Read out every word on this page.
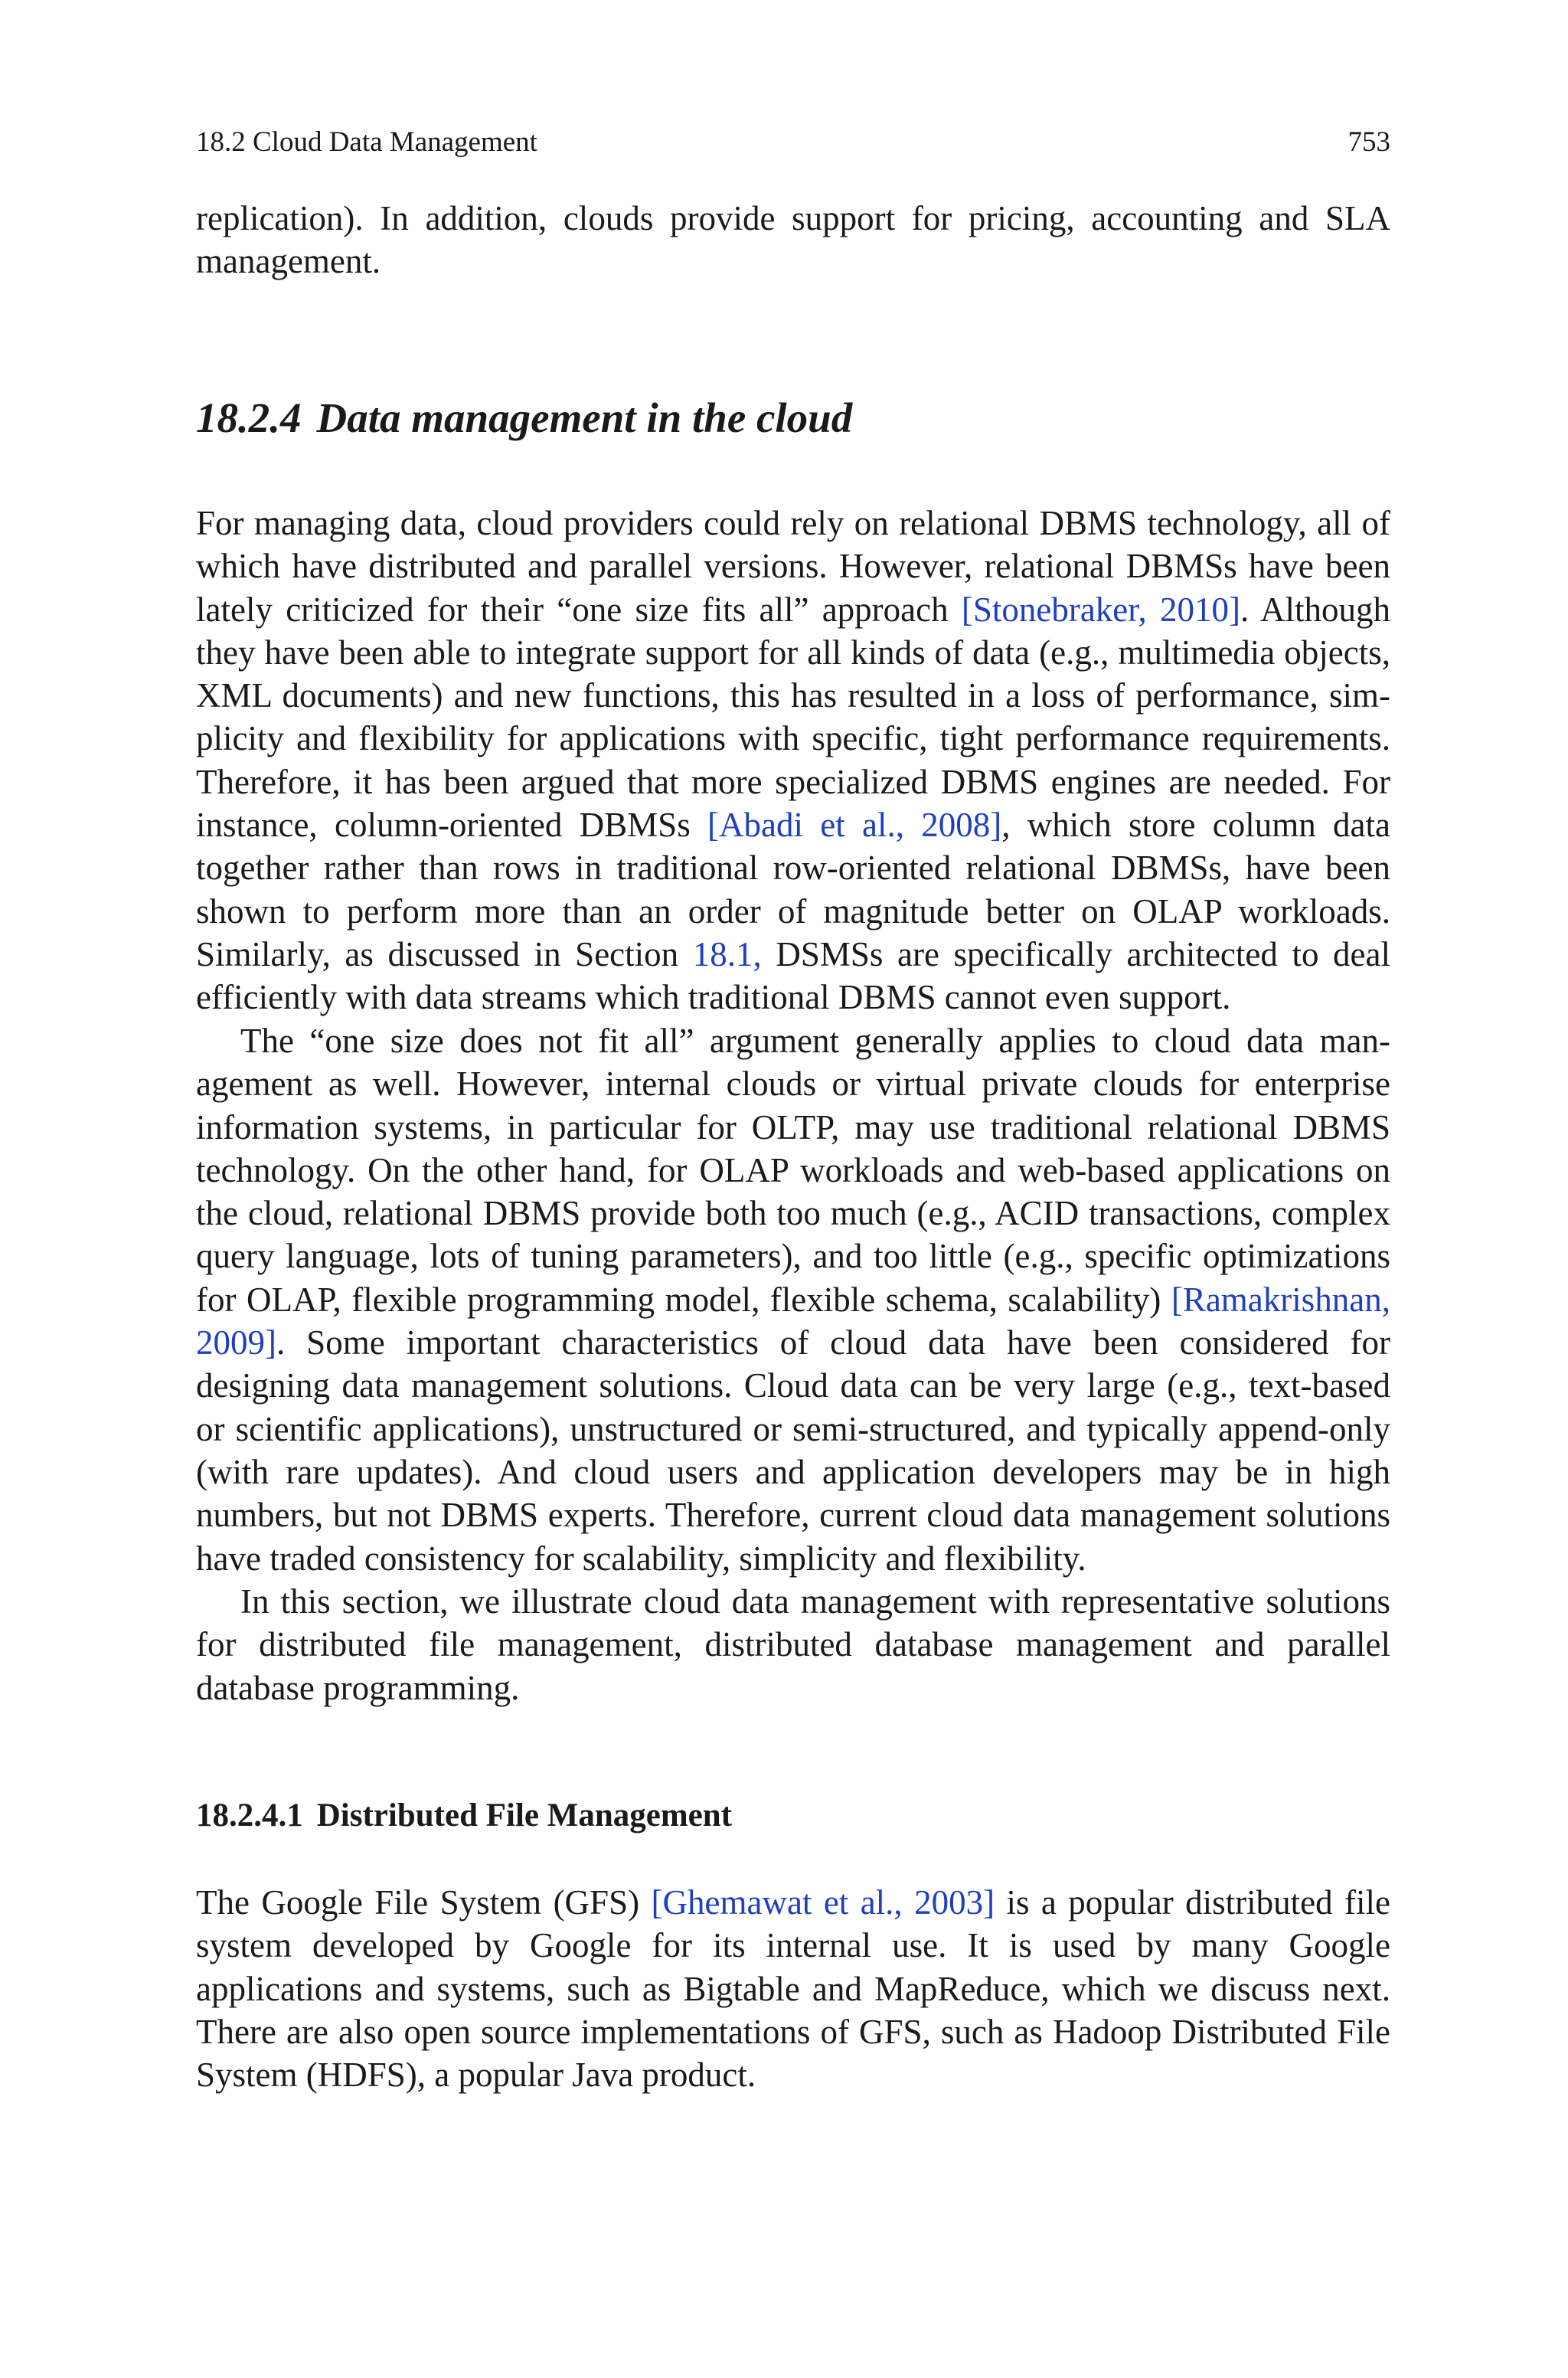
18.2 Cloud Data Management	753

replication). In addition, clouds provide support for pricing, accounting and SLA management.

18.2.4 Data management in the cloud

For managing data, cloud providers could rely on relational DBMS technology, all of which have distributed and parallel versions. However, relational DBMSs have been lately criticized for their “one size fits all” approach [Stonebraker, 2010]. Although they have been able to integrate support for all kinds of data (e.g., multimedia objects, XML documents) and new functions, this has resulted in a loss of performance, simplicity and flexibility for applications with specific, tight performance requirements. Therefore, it has been argued that more specialized DBMS engines are needed. For instance, column-oriented DBMSs [Abadi et al., 2008], which store column data together rather than rows in traditional row-oriented relational DBMSs, have been shown to perform more than an order of magnitude better on OLAP workloads. Similarly, as discussed in Section 18.1, DSMSs are specifically architected to deal efficiently with data streams which traditional DBMS cannot even support.

The “one size does not fit all” argument generally applies to cloud data management as well. However, internal clouds or virtual private clouds for enterprise information systems, in particular for OLTP, may use traditional relational DBMS technology. On the other hand, for OLAP workloads and web-based applications on the cloud, relational DBMS provide both too much (e.g., ACID transactions, complex query language, lots of tuning parameters), and too little (e.g., specific optimizations for OLAP, flexible programming model, flexible schema, scalability) [Ramakrishnan, 2009]. Some important characteristics of cloud data have been considered for designing data management solutions. Cloud data can be very large (e.g., text-based or scientific applications), unstructured or semi-structured, and typically append-only (with rare updates). And cloud users and application developers may be in high numbers, but not DBMS experts. Therefore, current cloud data management solutions have traded consistency for scalability, simplicity and flexibility.

In this section, we illustrate cloud data management with representative solutions for distributed file management, distributed database management and parallel database programming.

18.2.4.1 Distributed File Management

The Google File System (GFS) [Ghemawat et al., 2003] is a popular distributed file system developed by Google for its internal use. It is used by many Google applications and systems, such as Bigtable and MapReduce, which we discuss next. There are also open source implementations of GFS, such as Hadoop Distributed File System (HDFS), a popular Java product.
